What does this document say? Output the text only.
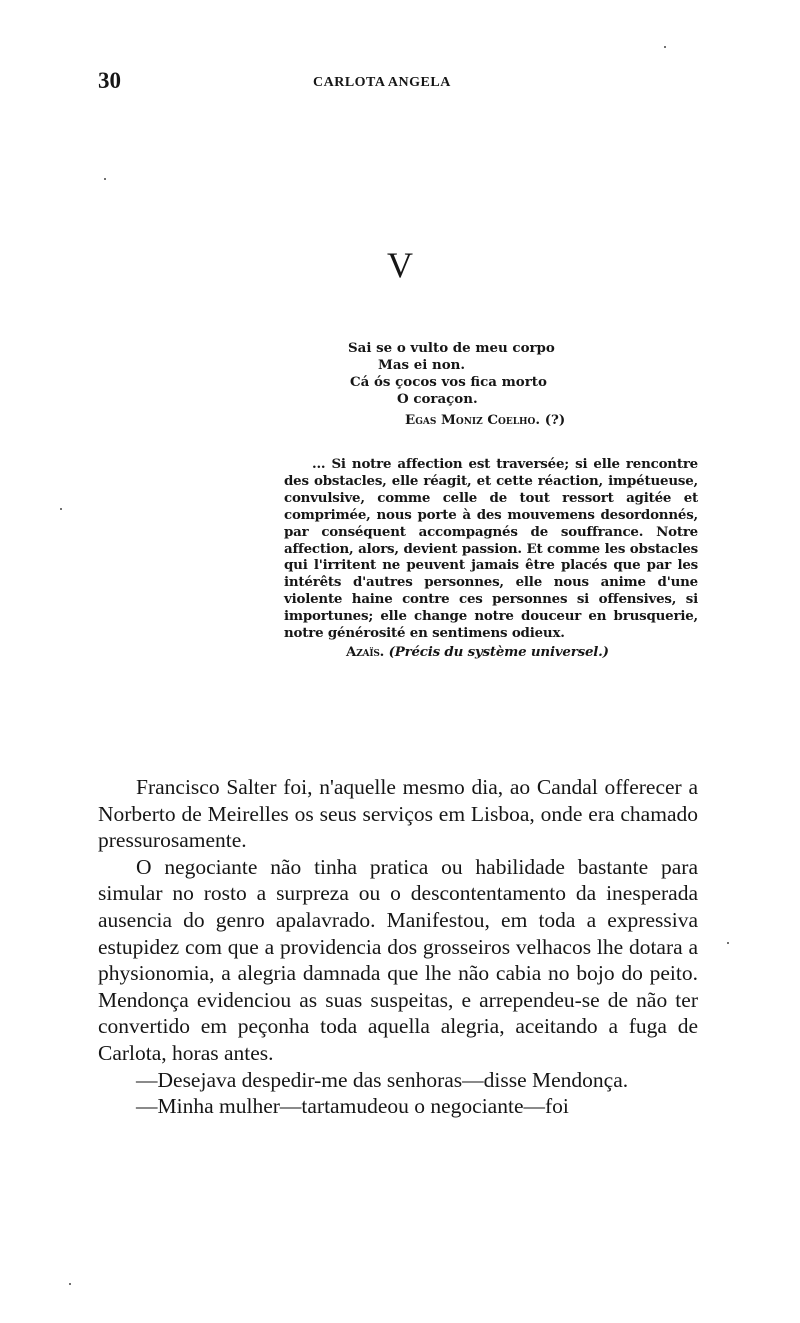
30	CARLOTA ANGELA
V
Sai se o vulto de meu corpo
Mas ei non.
Cá ós çocos vos fica morto
O coraçon.
Egas Moniz Coelho. (?)

... Si notre affection est traversée; si elle rencontre des obstacles, elle réagit, et cette réaction, impétueuse, convulsive, comme celle de tout ressort agitée et comprimée, nous porte à des mouvemens desordonnés, par conséquent accompagnés de souffrance. Notre affection, alors, devient passion. Et comme les obstacles qui l'irritent ne peuvent jamais être placés que par les intérêts d'autres personnes, elle nous anime d'une violente haine contre ces personnes si offensives, si importunes; elle change notre douceur en brusquerie, notre générosité en sentimens odieux.

Azaïs. (Précis du système universel.)

Francisco Salter foi, n'aquelle mesmo dia, ao Candal offerecer a Norberto de Meirelles os seus serviços em Lisboa, onde era chamado pressurosamente.

O negociante não tinha pratica ou habilidade bastante para simular no rosto a surpreza ou o descontentamento da inesperada ausencia do genro apalavrado. Manifestou, em toda a expressiva estupidez com que a providencia dos grosseiros velhacos lhe dotara a physionomia, a alegria damnada que lhe não cabia no bojo do peito. Mendonça evidenciou as suas suspeitas, e arrependeu-se de não ter convertido em peçonha toda aquella alegria, aceitando a fuga de Carlota, horas antes.

—Desejava despedir-me das senhoras—disse Mendonça.

—Minha mulher—tartamudeou o negociante—foi
